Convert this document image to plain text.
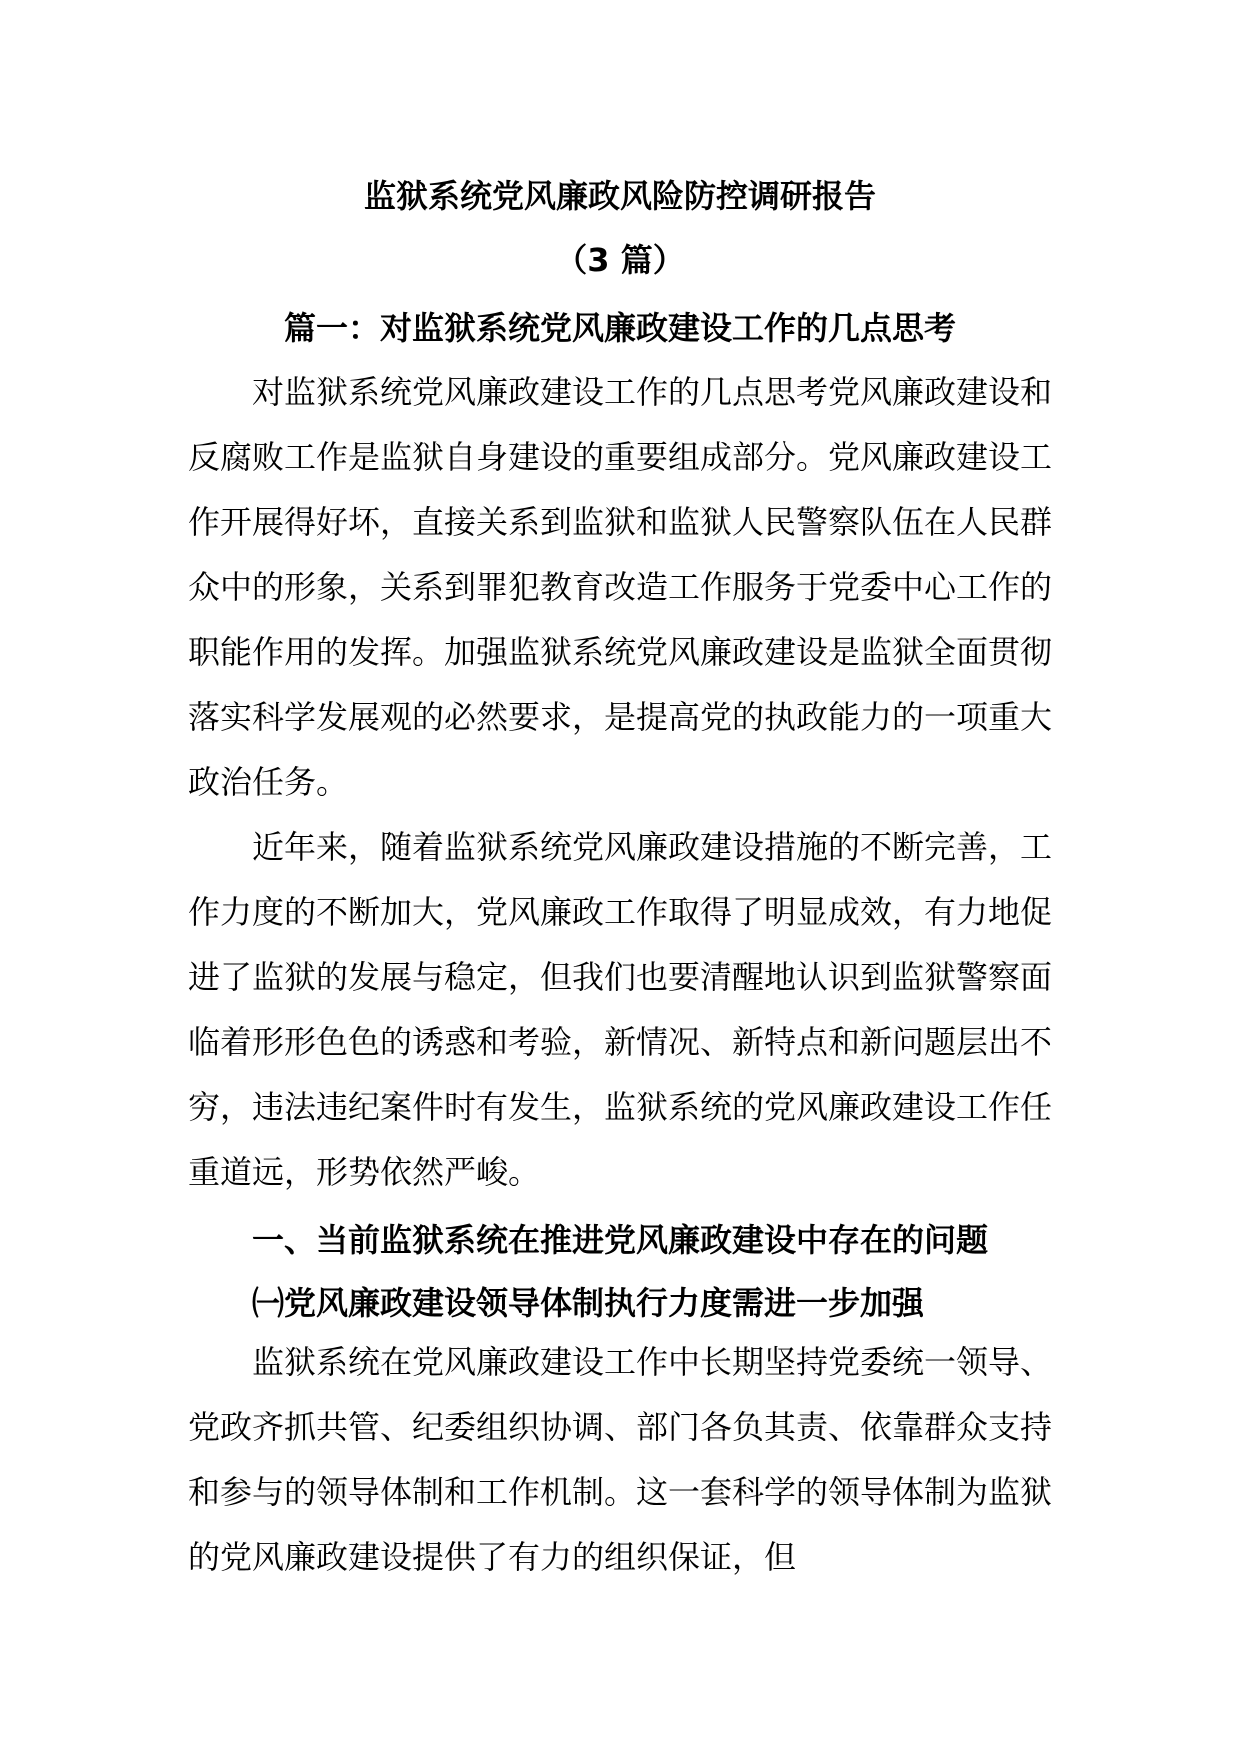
监狱系统党风廉政风险防控调研报告
（3 篇）
篇一：对监狱系统党风廉政建设工作的几点思考

对监狱系统党风廉政建设工作的几点思考党风廉政建设和反腐败工作是监狱自身建设的重要组成部分。党风廉政建设工作开展得好坏，直接关系到监狱和监狱人民警察队伍在人民群众中的形象，关系到罪犯教育改造工作服务于党委中心工作的职能作用的发挥。加强监狱系统党风廉政建设是监狱全面贯彻落实科学发展观的必然要求，是提高党的执政能力的一项重大政治任务。

近年来，随着监狱系统党风廉政建设措施的不断完善，工作力度的不断加大，党风廉政工作取得了明显成效，有力地促进了监狱的发展与稳定，但我们也要清醒地认识到监狱警察面临着形形色色的诱惑和考验，新情况、新特点和新问题层出不穷，违法违纪案件时有发生，监狱系统的党风廉政建设工作任重道远，形势依然严峻。

一、当前监狱系统在推进党风廉政建设中存在的问题
㈠党风廉政建设领导体制执行力度需进一步加强

监狱系统在党风廉政建设工作中长期坚持党委统一领导、党政齐抓共管、纪委组织协调、部门各负其责、依靠群众支持和参与的领导体制和工作机制。这一套科学的领导体制为监狱的党风廉政建设提供了有力的组织保证，但
